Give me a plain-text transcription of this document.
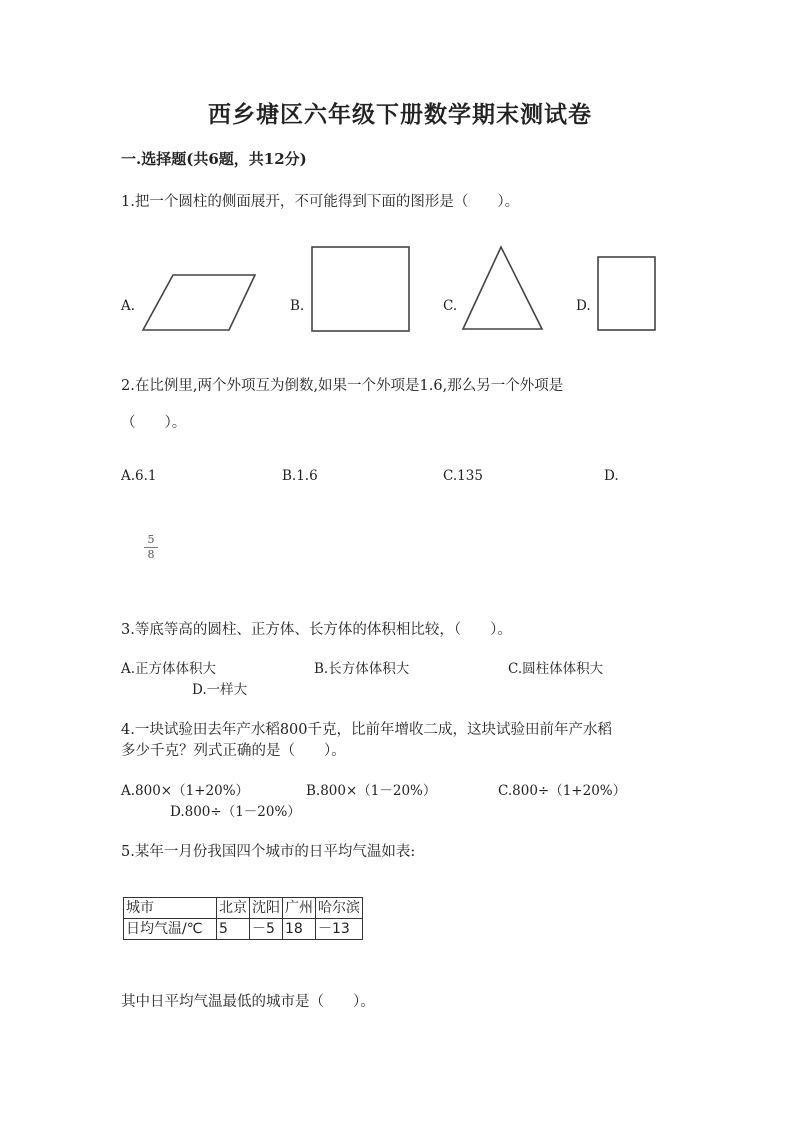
西乡塘区六年级下册数学期末测试卷
一.选择题(共6题，共12分)
1.把一个圆柱的侧面展开，不可能得到下面的图形是（　　）。
A.	B.	C.	D.
2.在比例里,两个外项互为倒数,如果一个外项是1.6,那么另一个外项是
（　　）。
A.6.1	B.1.6	C.135	D.
5
8
3.等底等高的圆柱、正方体、长方体的体积相比较，（　　）。
A.正方体体积大	B.长方体体积大	C.圆柱体体积大
D.一样大
4.一块试验田去年产水稻800千克，比前年增收二成，这块试验田前年产水稻
多少千克？列式正确的是（　　）。
A.800×（1+20%）	B.800×（1－20%）	C.800÷（1+20%）
D.800÷（1－20%）
5.某年一月份我国四个城市的日平均气温如表:
城市	北京	沈阳	广州	哈尔滨
日均气温/℃	5	－5	18	－13
其中日平均气温最低的城市是（　　）。
